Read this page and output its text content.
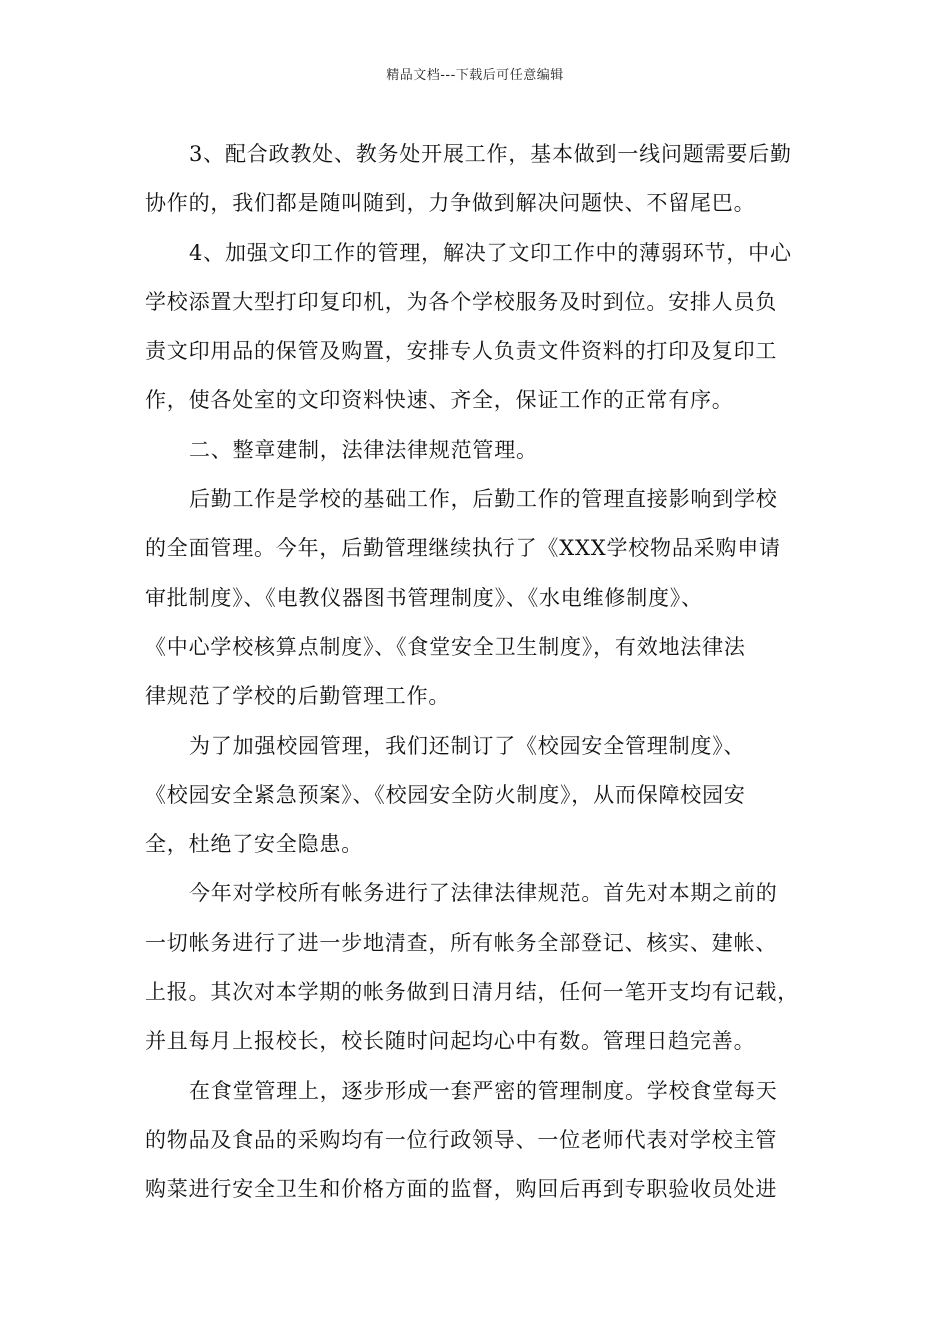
精品文档---下载后可任意编辑
3、配合政教处、教务处开展工作，基本做到一线问题需要后勤
协作的，我们都是随叫随到，力争做到解决问题快、不留尾巴。
4、加强文印工作的管理，解决了文印工作中的薄弱环节，中心
学校添置大型打印复印机，为各个学校服务及时到位。安排人员负
责文印用品的保管及购置，安排专人负责文件资料的打印及复印工
作，使各处室的文印资料快速、齐全，保证工作的正常有序。
二、整章建制，法律法律规范管理。
后勤工作是学校的基础工作，后勤工作的管理直接影响到学校
的全面管理。今年，后勤管理继续执行了《XXX学校物品采购申请
审批制度》、《电教仪器图书管理制度》、《水电维修制度》、
《中心学校核算点制度》、《食堂安全卫生制度》，有效地法律法
律规范了学校的后勤管理工作。
为了加强校园管理，我们还制订了《校园安全管理制度》、
《校园安全紧急预案》、《校园安全防火制度》，从而保障校园安
全，杜绝了安全隐患。
今年对学校所有帐务进行了法律法律规范。首先对本期之前的
一切帐务进行了进一步地清查，所有帐务全部登记、核实、建帐、
上报。其次对本学期的帐务做到日清月结，任何一笔开支均有记载，
并且每月上报校长，校长随时问起均心中有数。管理日趋完善。
在食堂管理上，逐步形成一套严密的管理制度。学校食堂每天
的物品及食品的采购均有一位行政领导、一位老师代表对学校主管
购菜进行安全卫生和价格方面的监督，购回后再到专职验收员处进
